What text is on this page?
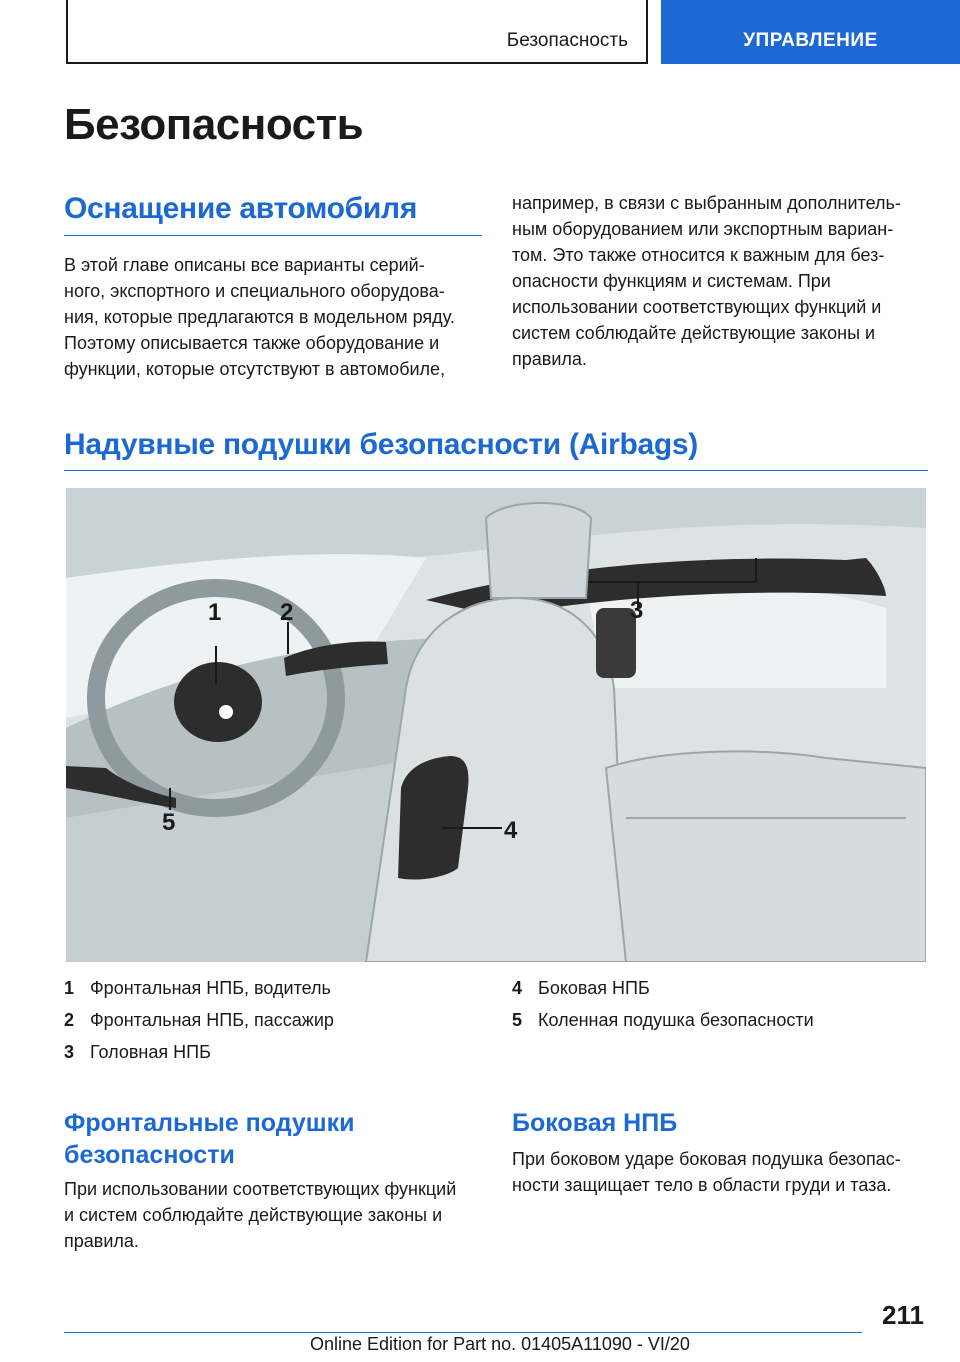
Безопасность	УПРАВЛЕНИЕ
Безопасность
Оснащение автомобиля

В этой главе описаны все варианты серий-

ного, экспортного и специального оборудова-

ния, которые предлагаются в модельном ряду.

Поэтому описывается также оборудование и

функции, которые отсутствуют в автомобиле,

например, в связи с выбранным дополнитель-

ным оборудованием или экспортным вариан-

том. Это также относится к важным для без-

опасности функциям и системам. При

использовании соответствующих функций и

систем соблюдайте действующие законы и

правила.

Надувные подушки безопасности (Airbags)
1 2	3
4
5
1 Фронтальная НПБ, водитель
2 Фронтальная НПБ, пассажир
3 Головная НПБ
4 Боковая НПБ
5 Коленная подушка безопасности
Фронтальные подушки
безопасности

При использовании соответствующих функций

и систем соблюдайте действующие законы и

правила.

Боковая НПБ

При боковом ударе боковая подушка безопас-

ности защищает тело в области груди и таза.

211
Online Edition for Part no. 01405A11090 - VI/20
